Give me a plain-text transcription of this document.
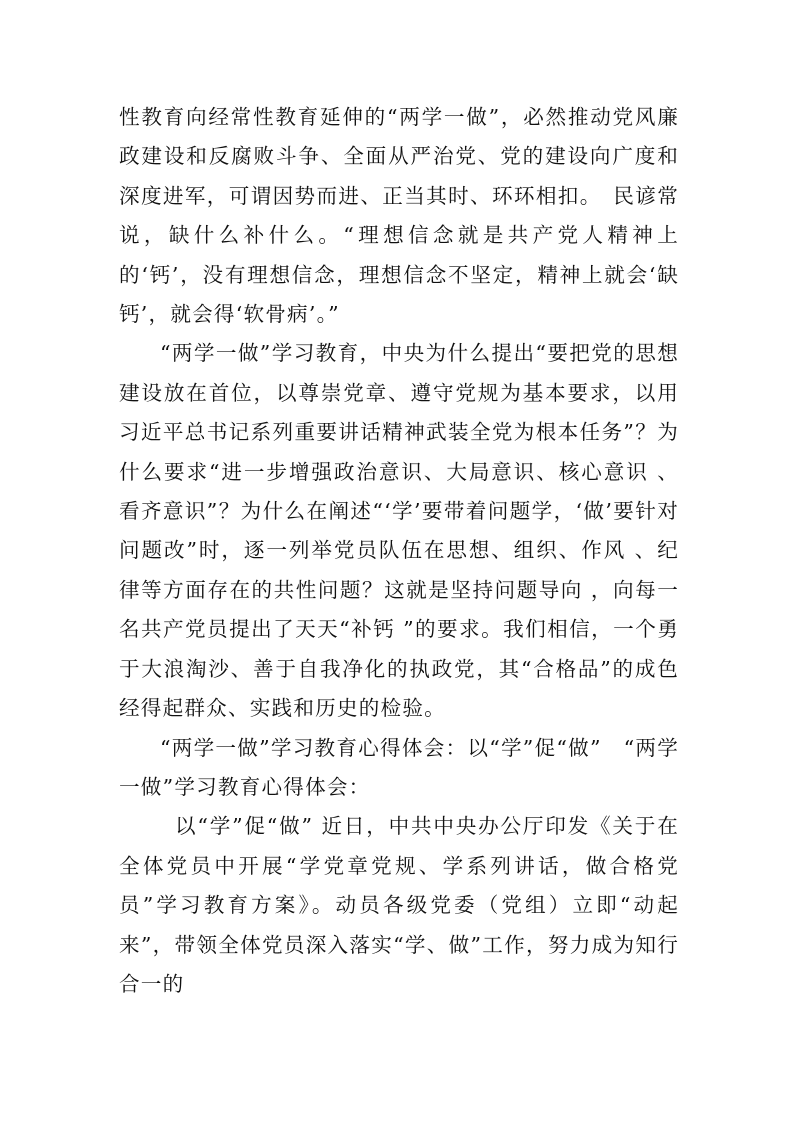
性教育向经常性教育延伸的“两学一做”，必然推动党风廉政建设和反腐败斗争、全面从严治党、党的建设向广度和深度进军，可谓因势而进、正当其时、环环相扣。　民谚常说，缺什么补什么。“理想信念就是共产党人精神上的‘钙’，没有理想信念，理想信念不坚定，精神上就会‘缺钙’，就会得‘软骨病’。”

“两学一做”学习教育，中央为什么提出“要把党的思想建设放在首位，以尊崇党章、遵守党规为基本要求，以用习近平总书记系列重要讲话精神武装全党为根本任务”？为什么要求“进一步增强政治意识、大局意识、核心意识 、看齐意识”？为什么在阐述“‘学’要带着问题学，‘做’要针对问题改”时，逐一列举党员队伍在思想、组织、作风 、纪律等方面存在的共性问题？这就是坚持问题导向 ，向每一名共产党员提出了天天“补钙 ”的要求。我们相信，一个勇于大浪淘沙、善于自我净化的执政党，其“合格品”的成色经得起群众、实践和历史的检验。

“两学一做”学习教育心得体会：以“学”促“做”　“两学一做”学习教育心得体会：

以“学”促“做” 近日，中共中央办公厅印发《关于在全体党员中开展“学党章党规、学系列讲话，做合格党员”学习教育方案》。动员各级党委（党组）立即“动起来”，带领全体党员深入落实“学、做”工作，努力成为知行合一的
